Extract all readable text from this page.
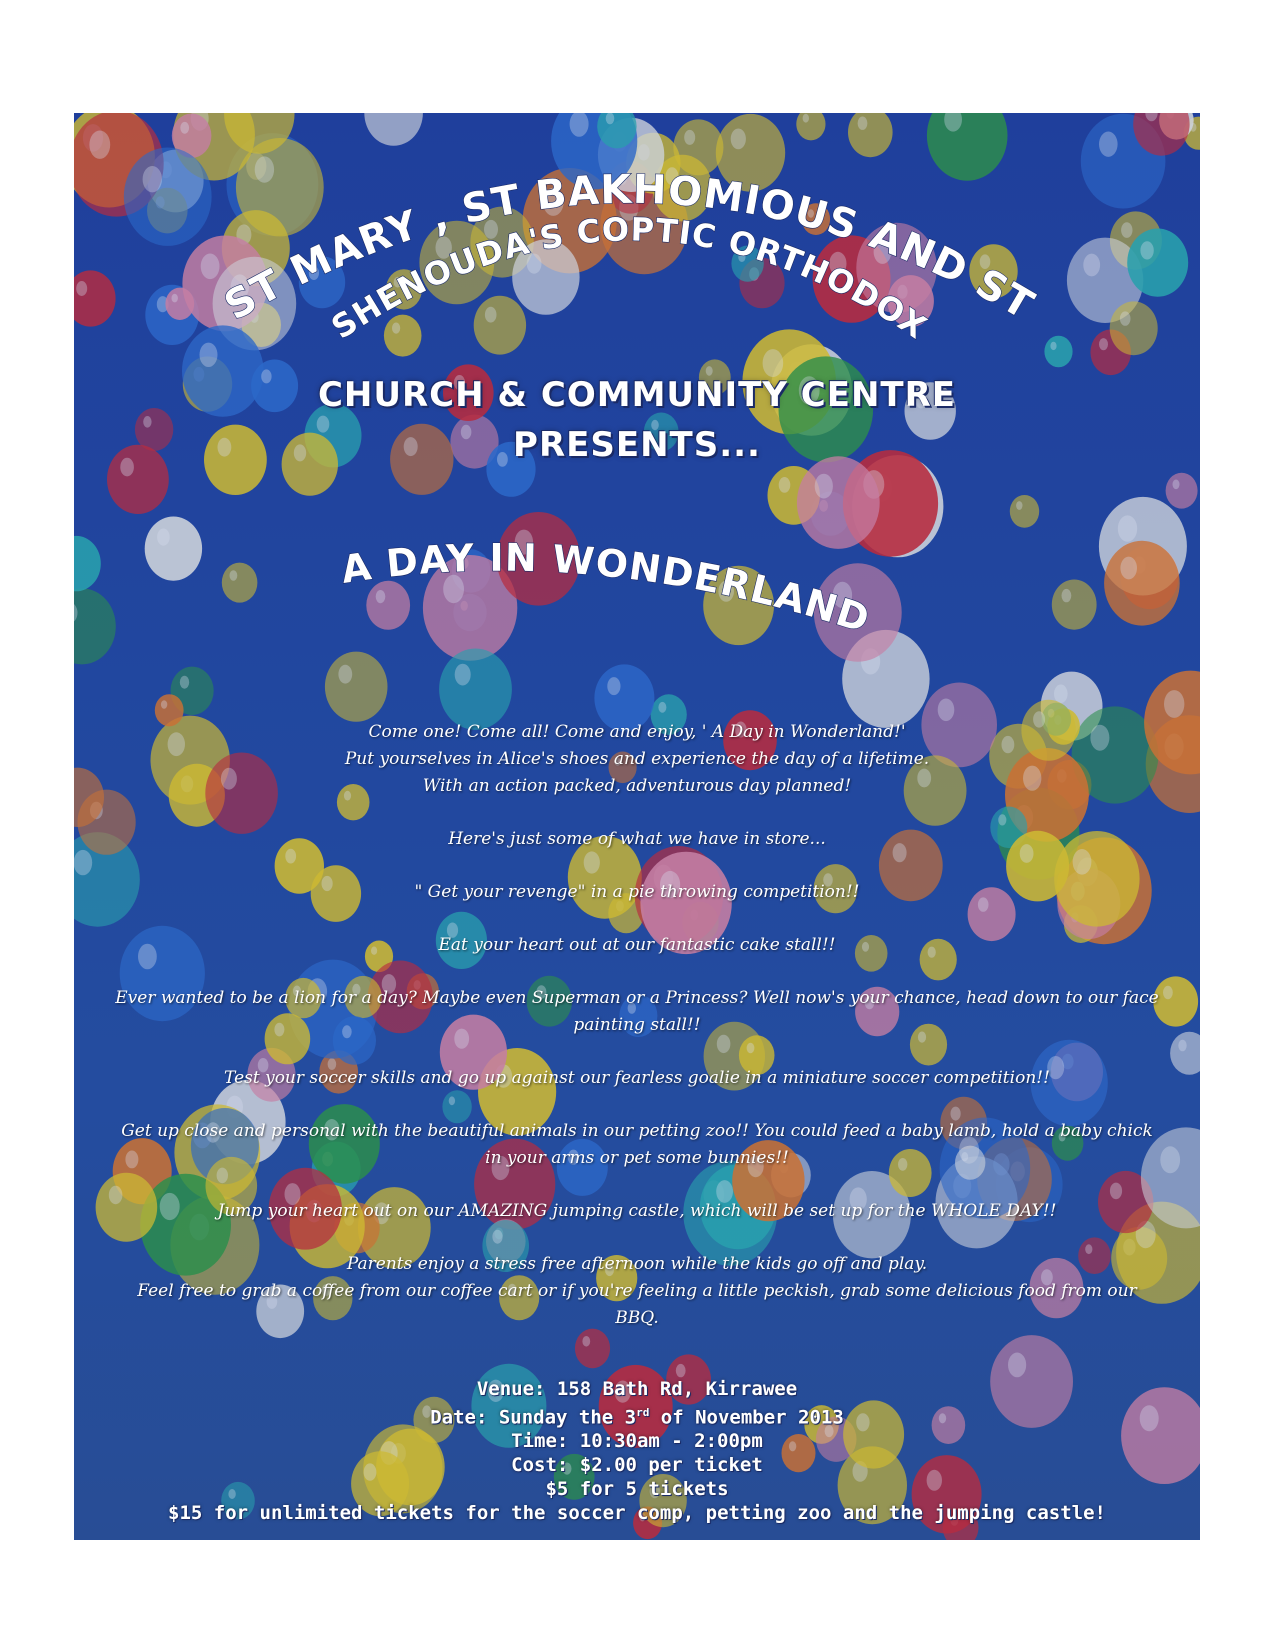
ST MARY , ST BAKHOMIOUS AND ST
SHENOUDA'S COPTIC ORTHODOX
A DAY IN WONDERLAND
CHURCH & COMMUNITY CENTRE
PRESENTS...

Come one! Come all! Come and enjoy, ' A Day in Wonderland!'
Put yourselves in Alice's shoes and experience the day of a lifetime.
With an action packed, adventurous day planned!

Here's just some of what we have in store...

" Get your revenge" in a pie throwing competition!!

Eat your heart out at our fantastic cake stall!!

Ever wanted to be a lion for a day? Maybe even Superman or a Princess? Well now's your chance, head down to our face painting stall!!

Test your soccer skills and go up against our fearless goalie in a miniature soccer competition!!

Get up close and personal with the beautiful animals in our petting zoo!! You could feed a baby lamb, hold a baby chick in your arms or pet some bunnies!!

Jump your heart out on our AMAZING jumping castle, which will be set up for the WHOLE DAY!!

Parents enjoy a stress free afternoon while the kids go off and play.

Feel free to grab a coffee from our coffee cart or if you're feeling a little peckish, grab some delicious food from our BBQ.

Venue: 158 Bath Rd, Kirrawee
Date: Sunday the 3rd of November 2013
Time: 10:30am - 2:00pm
Cost: $2.00 per ticket
$5 for 5 tickets
$15 for unlimited tickets for the soccer comp, petting zoo and the jumping castle!
